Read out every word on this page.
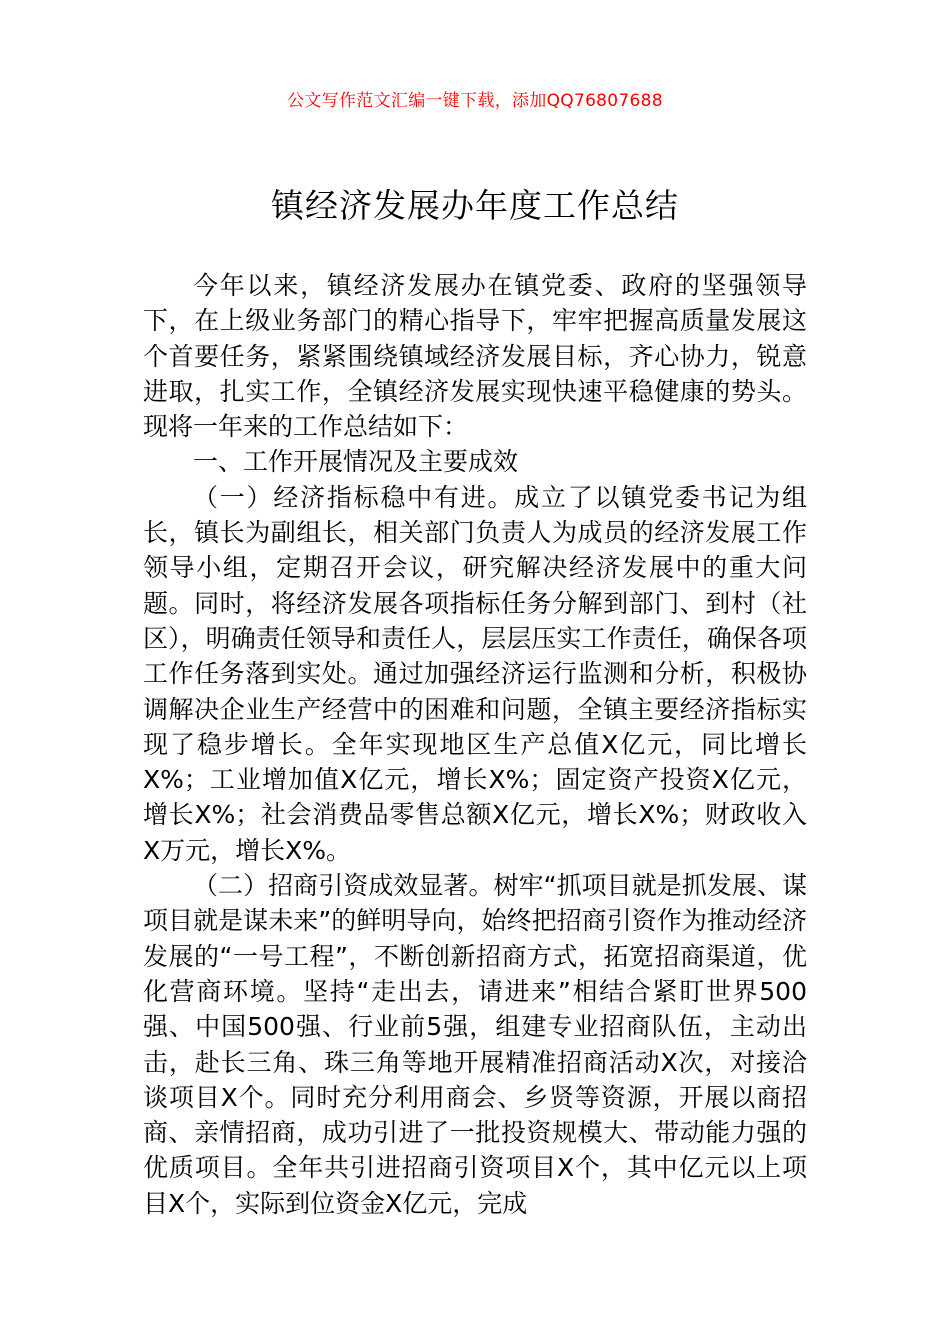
公文写作范文汇编一键下载，添加QQ76807688
镇经济发展办年度工作总结

今年以来，镇经济发展办在镇党委、政府的坚强领导下，在上级业务部门的精心指导下，牢牢把握高质量发展这个首要任务，紧紧围绕镇域经济发展目标，齐心协力，锐意进取，扎实工作，全镇经济发展实现快速平稳健康的势头。现将一年来的工作总结如下：

一、工作开展情况及主要成效

（一）经济指标稳中有进。成立了以镇党委书记为组长，镇长为副组长，相关部门负责人为成员的经济发展工作领导小组，定期召开会议，研究解决经济发展中的重大问题。同时，将经济发展各项指标任务分解到部门、到村（社区），明确责任领导和责任人，层层压实工作责任，确保各项工作任务落到实处。通过加强经济运行监测和分析，积极协调解决企业生产经营中的困难和问题，全镇主要经济指标实现了稳步增长。全年实现地区生产总值X亿元，同比增长X%；工业增加值X亿元，增长X%；固定资产投资X亿元，增长X%；社会消费品零售总额X亿元，增长X%；财政收入X万元，增长X%。

（二）招商引资成效显著。树牢“抓项目就是抓发展、谋项目就是谋未来”的鲜明导向，始终把招商引资作为推动经济发展的“一号工程”，不断创新招商方式，拓宽招商渠道，优化营商环境。坚持“走出去，请进来”相结合紧盯世界500强、中国500强、行业前5强，组建专业招商队伍，主动出击，赴长三角、珠三角等地开展精准招商活动X次，对接洽谈项目X个。同时充分利用商会、乡贤等资源，开展以商招商、亲情招商，成功引进了一批投资规模大、带动能力强的优质项目。全年共引进招商引资项目X个，其中亿元以上项目X个，实际到位资金X亿元，完成
